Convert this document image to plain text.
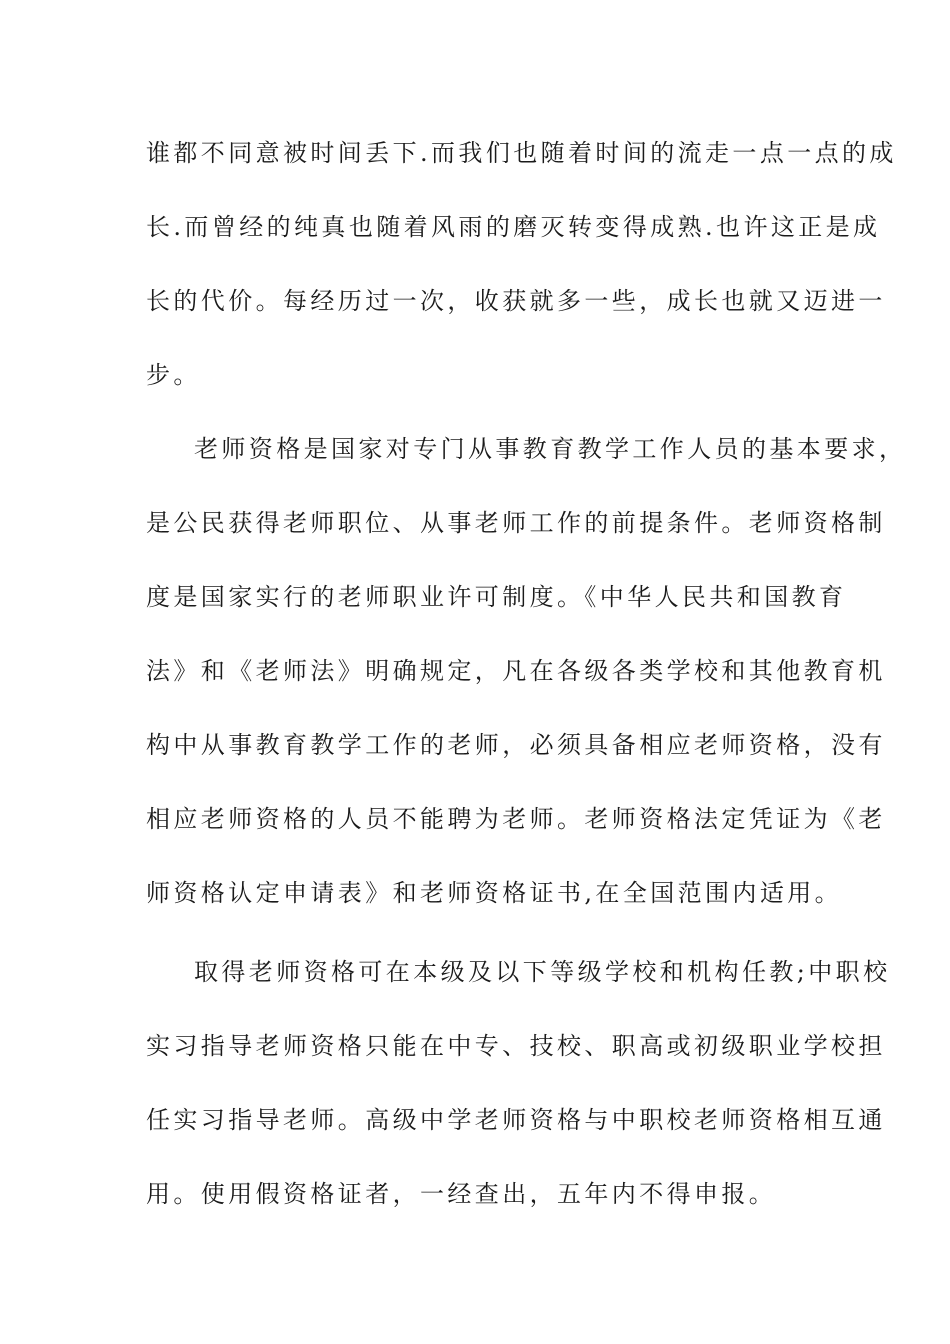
谁都不同意被时间丢下.而我们也随着时间的流走一点一点的成
长.而曾经的纯真也随着风雨的磨灭转变得成熟.也许这正是成
长的代价。每经历过一次，收获就多一些，成长也就又迈进一
步。
老师资格是国家对专门从事教育教学工作人员的基本要求，
是公民获得老师职位、从事老师工作的前提条件。老师资格制
度是国家实行的老师职业许可制度。《中华人民共和国教育
法》和《老师法》明确规定，凡在各级各类学校和其他教育机
构中从事教育教学工作的老师，必须具备相应老师资格，没有
相应老师资格的人员不能聘为老师。老师资格法定凭证为《老
师资格认定申请表》和老师资格证书,在全国范围内适用。
取得老师资格可在本级及以下等级学校和机构任教;中职校
实习指导老师资格只能在中专、技校、职高或初级职业学校担
任实习指导老师。高级中学老师资格与中职校老师资格相互通
用。使用假资格证者，一经查出，五年内不得申报。
